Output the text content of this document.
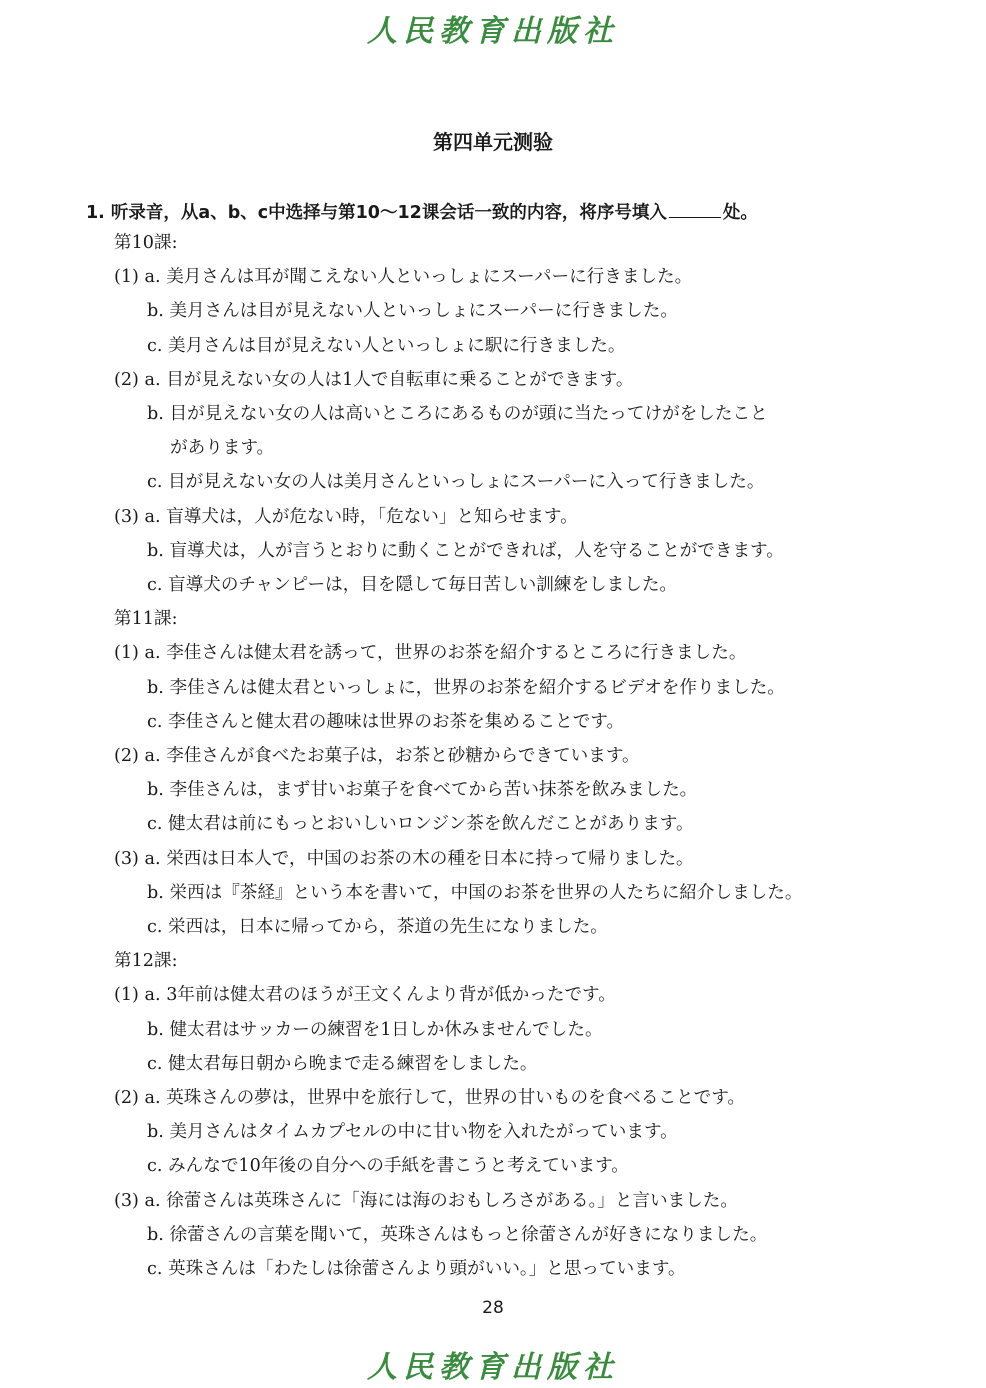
人民教育出版社
第四单元测验
1. 听录音，从a、b、c中选择与第10～12课会话一致的内容，将序号填入	处。
第10課:
(1) a. 美月さんは耳が聞こえない人といっしょにスーパーに行きました。
b. 美月さんは目が見えない人といっしょにスーパーに行きました。
c. 美月さんは目が見えない人といっしょに駅に行きました。
(2) a. 目が見えない女の人は1人で自転車に乗ることができます。
b. 目が見えない女の人は高いところにあるものが頭に当たってけがをしたこと
があります。
c. 目が見えない女の人は美月さんといっしょにスーパーに入って行きました。
(3) a. 盲導犬は，人が危ない時，「危ない」と知らせます。
b. 盲導犬は，人が言うとおりに動くことができれば，人を守ることができます。
c. 盲導犬のチャンピーは，目を隠して毎日苦しい訓練をしました。
第11課:
(1) a. 李佳さんは健太君を誘って，世界のお茶を紹介するところに行きました。
b. 李佳さんは健太君といっしょに，世界のお茶を紹介するビデオを作りました。
c. 李佳さんと健太君の趣味は世界のお茶を集めることです。
(2) a. 李佳さんが食べたお菓子は，お茶と砂糖からできています。
b. 李佳さんは，まず甘いお菓子を食べてから苦い抹茶を飲みました。
c. 健太君は前にもっとおいしいロンジン茶を飲んだことがあります。
(3) a. 栄西は日本人で，中国のお茶の木の種を日本に持って帰りました。
b. 栄西は『茶経』という本を書いて，中国のお茶を世界の人たちに紹介しました。
c. 栄西は，日本に帰ってから，茶道の先生になりました。
第12課:
(1) a. 3年前は健太君のほうが王文くんより背が低かったです。
b. 健太君はサッカーの練習を1日しか休みませんでした。
c. 健太君毎日朝から晩まで走る練習をしました。
(2) a. 英珠さんの夢は，世界中を旅行して，世界の甘いものを食べることです。
b. 美月さんはタイムカプセルの中に甘い物を入れたがっています。
c. みんなで10年後の自分への手紙を書こうと考えています。
(3) a. 徐蕾さんは英珠さんに「海には海のおもしろさがある。」と言いました。
b. 徐蕾さんの言葉を聞いて，英珠さんはもっと徐蕾さんが好きになりました。
c. 英珠さんは「わたしは徐蕾さんより頭がいい。」と思っています。
28
人民教育出版社
